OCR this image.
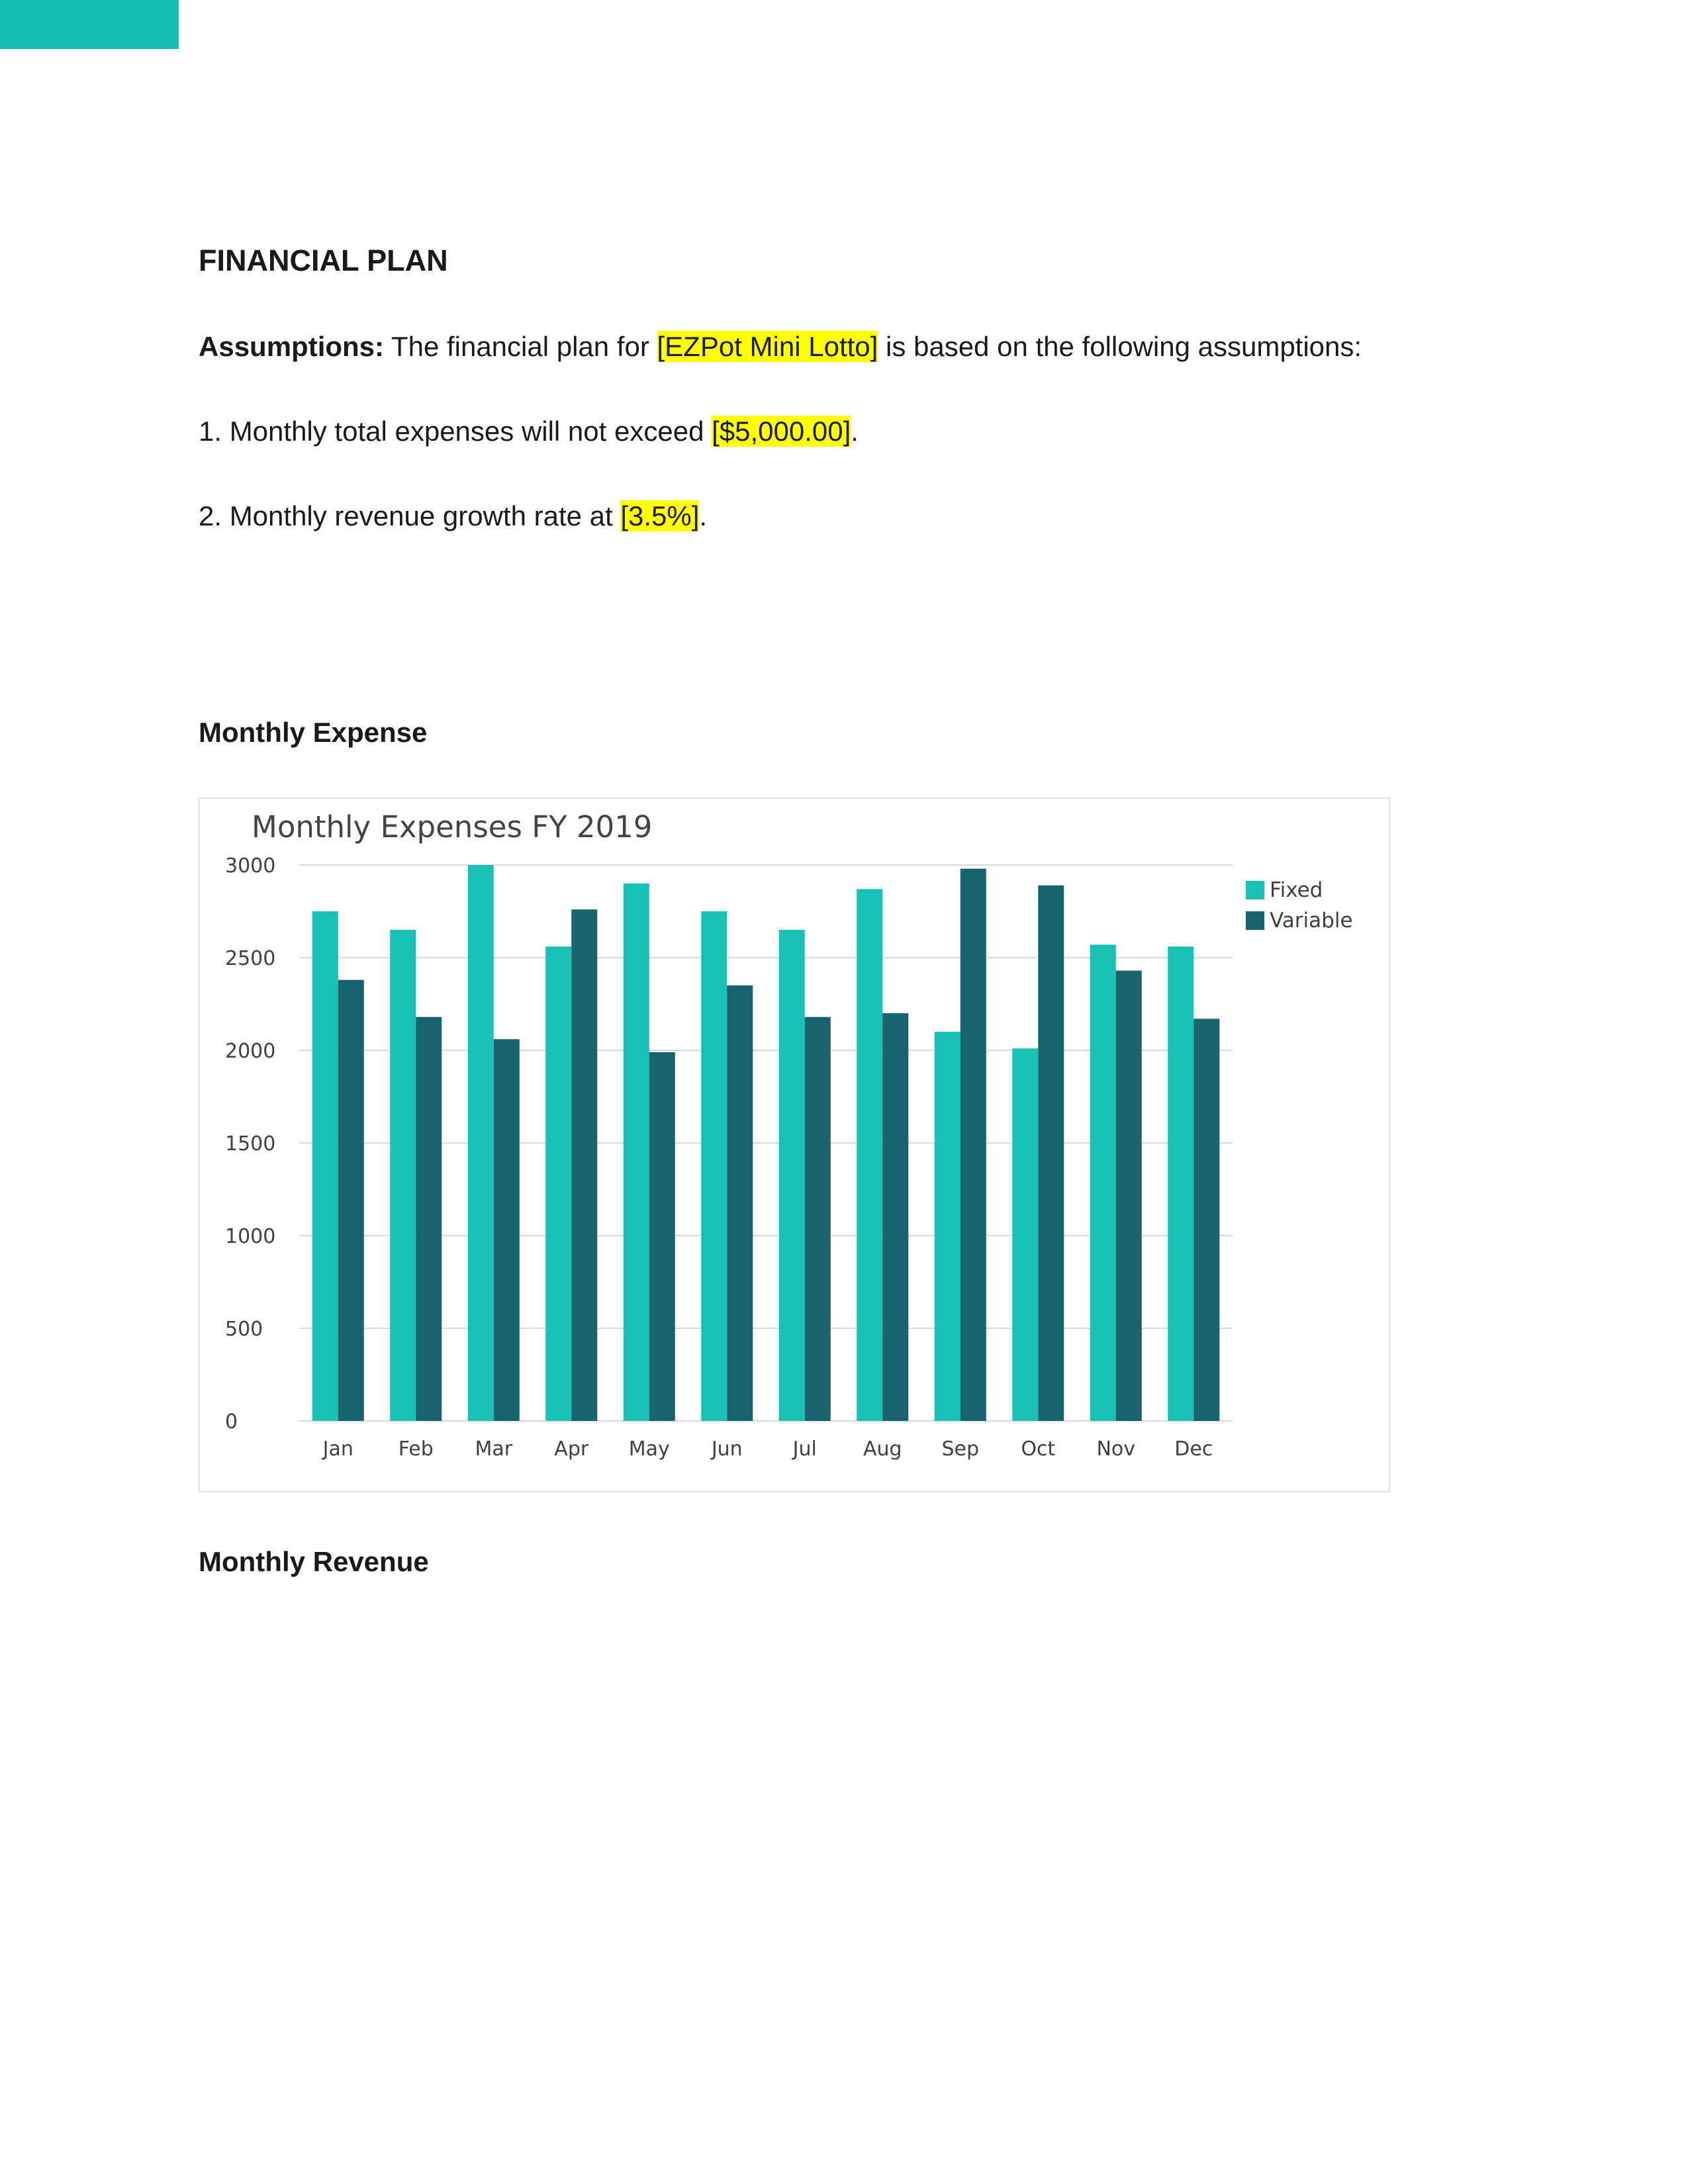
FINANCIAL PLAN

Assumptions: The financial plan for [EZPot Mini Lotto] is based on the following assumptions:

1. Monthly total expenses will not exceed [$5,000.00].

2. Monthly revenue growth rate at [3.5%].

Monthly Expense
0
500
1000
1500
2000
2500
3000
Jan Feb Mar Apr May Jun	Jul Aug Sep Oct Nov Dec
Monthly Expenses FY 2019
Fixed
Variable
Monthly Revenue
